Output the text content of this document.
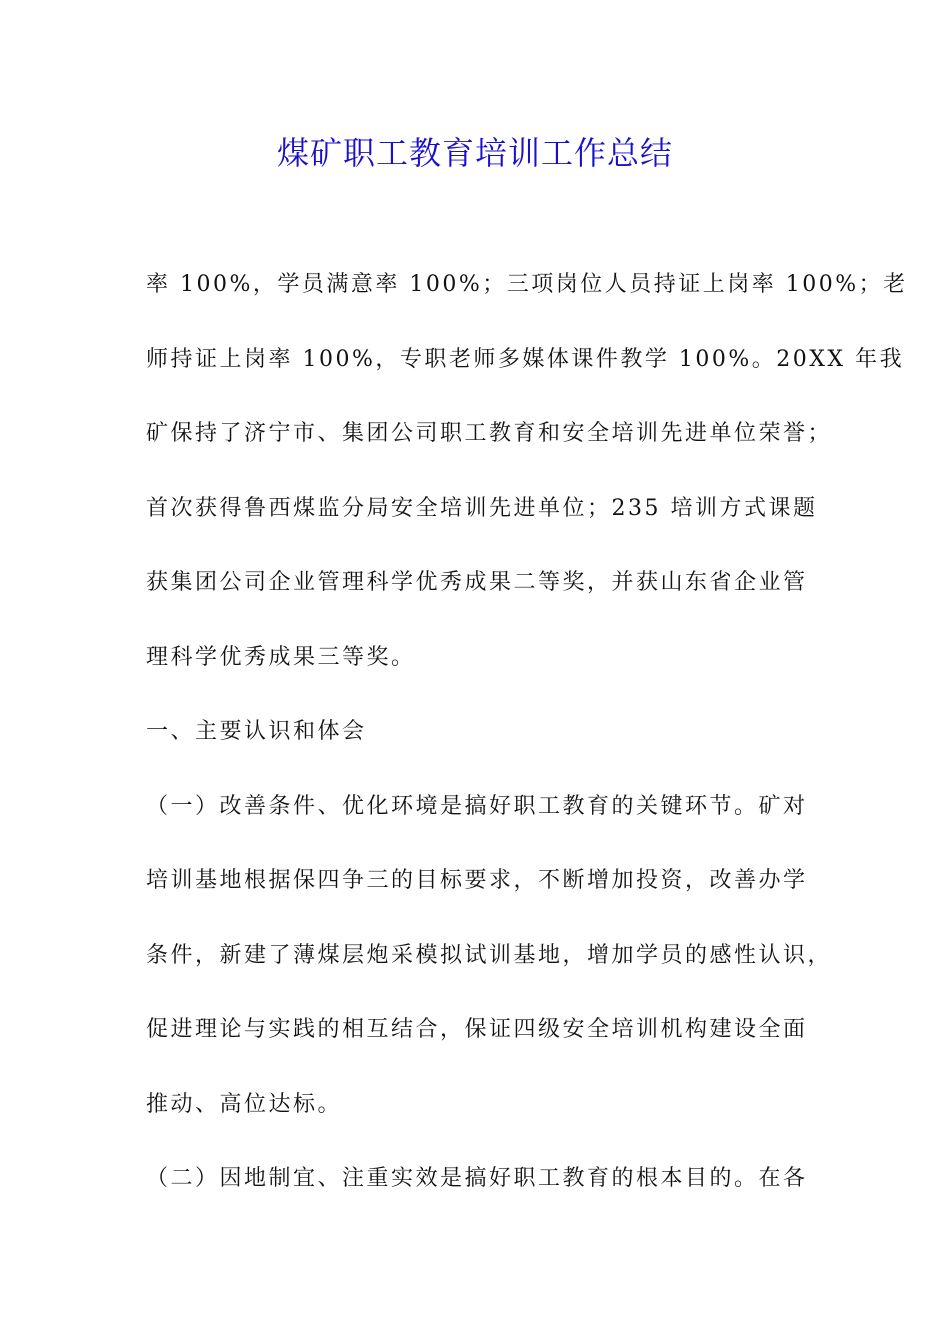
煤矿职工教育培训工作总结
率 100%，学员满意率 100%；三项岗位人员持证上岗率 100%；老
师持证上岗率 100%，专职老师多媒体课件教学 100%。20XX 年我
矿保持了济宁市、集团公司职工教育和安全培训先进单位荣誉；
首次获得鲁西煤监分局安全培训先进单位；235 培训方式课题
获集团公司企业管理科学优秀成果二等奖，并获山东省企业管
理科学优秀成果三等奖。
一、主要认识和体会
（一）改善条件、优化环境是搞好职工教育的关键环节。矿对
培训基地根据保四争三的目标要求，不断增加投资，改善办学
条件，新建了薄煤层炮采模拟试训基地，增加学员的感性认识，
促进理论与实践的相互结合，保证四级安全培训机构建设全面
推动、高位达标。
（二）因地制宜、注重实效是搞好职工教育的根本目的。在各
